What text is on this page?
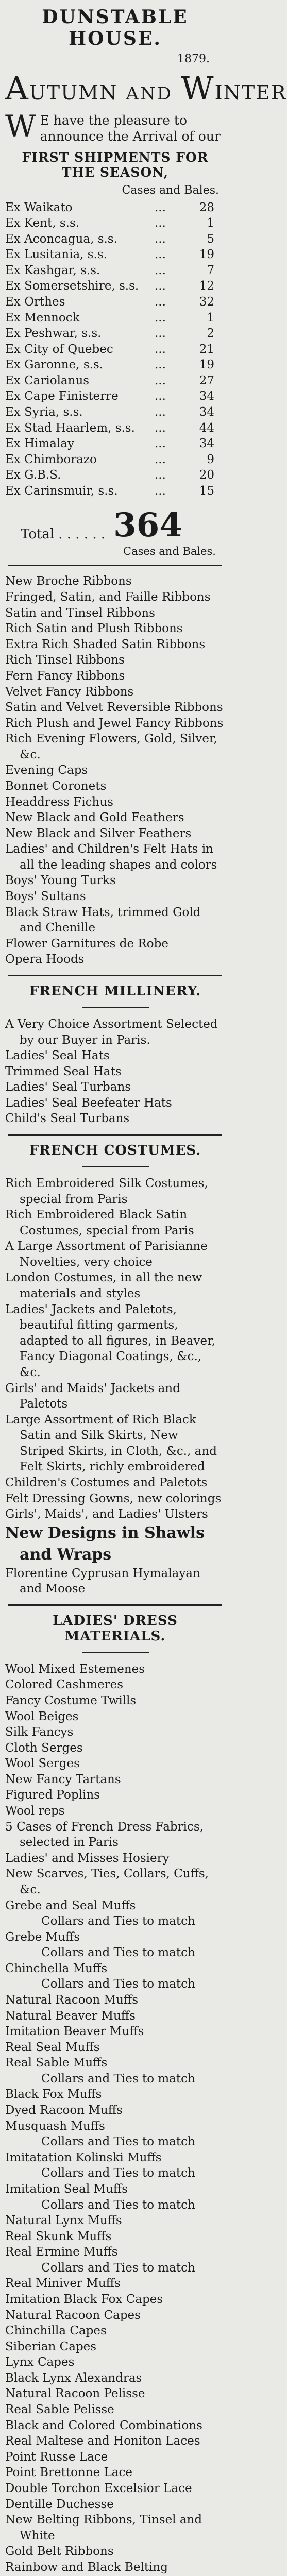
DUNSTABLE HOUSE.
1879.
AUTUMN AND WINTER
W E have the pleasure to announce the Arrival of our
FIRST SHIPMENTS FOR THE SEASON,
Cases and Bales.
Ex Waikato	...	28
Ex Kent, s.s.	...	1
Ex Aconcagua, s.s.	...	5
Ex Lusitania, s.s.	...	19
Ex Kashgar, s.s.	...	7
Ex Somersetshire, s.s.	...	12
Ex Orthes	...	32
Ex Mennock	...	1
Ex Peshwar, s.s.	...	2
Ex City of Quebec	...	21
Ex Garonne, s.s.	...	19
Ex Cariolanus	...	27
Ex Cape Finisterre	...	34
Ex Syria, s.s.	...	34
Ex Stad Haarlem, s.s.	...	44
Ex Himalay	...	34
Ex Chimborazo	...	9
Ex G.B.S.	...	20
Ex Carinsmuir, s.s.	...	15
Total . . . . . . 364
Cases and Bales.
New Broche Ribbons
Fringed, Satin, and Faille Ribbons
Satin and Tinsel Ribbons
Rich Satin and Plush Ribbons
Extra Rich Shaded Satin Ribbons
Rich Tinsel Ribbons
Fern Fancy Ribbons
Velvet Fancy Ribbons
Satin and Velvet Reversible Ribbons
Rich Plush and Jewel Fancy Ribbons
Rich Evening Flowers, Gold, Silver, &c.
Evening Caps
Bonnet Coronets
Headdress Fichus
New Black and Gold Feathers
New Black and Silver Feathers
Ladies' and Children's Felt Hats in all the leading shapes and colors
Boys' Young Turks
Boys' Sultans
Black Straw Hats, trimmed Gold and Chenille
Flower Garnitures de Robe
Opera Hoods
FRENCH MILLINERY.
A Very Choice Assortment Selected by our Buyer in Paris.
Ladies' Seal Hats
Trimmed Seal Hats
Ladies' Seal Turbans
Ladies' Seal Beefeater Hats
Child's Seal Turbans
FRENCH COSTUMES.
Rich Embroidered Silk Costumes, special from Paris
Rich Embroidered Black Satin Costumes, special from Paris
A Large Assortment of Parisianne Novelties, very choice
London Costumes, in all the new materials and styles
Ladies' Jackets and Paletots, beautiful fitting garments, adapted to all figures, in Beaver, Fancy Diagonal Coatings, &c., &c.
Girls' and Maids' Jackets and Paletots
Large Assortment of Rich Black Satin and Silk Skirts, New Striped Skirts, in Cloth, &c., and Felt Skirts, richly embroidered
Children's Costumes and Paletots
Felt Dressing Gowns, new colorings
Girls', Maids', and Ladies' Ulsters
New Designs in Shawls and Wraps
Florentine Cyprusan Hymalayan and Moose
LADIES' DRESS MATERIALS.
Wool Mixed Estemenes
Colored Cashmeres
Fancy Costume Twills
Wool Beiges
Silk Fancys
Cloth Serges
Wool Serges
New Fancy Tartans
Figured Poplins
Wool reps
5 Cases of French Dress Fabrics, selected in Paris
Ladies' and Misses Hosiery
New Scarves, Ties, Collars, Cuffs, &c.
Grebe and Seal Muffs
Collars and Ties to match
Grebe Muffs
Collars and Ties to match
Chinchella Muffs
Collars and Ties to match
Natural Racoon Muffs
Natural Beaver Muffs
Imitation Beaver Muffs
Real Seal Muffs
Real Sable Muffs
Collars and Ties to match
Black Fox Muffs
Dyed Racoon Muffs
Musquash Muffs
Collars and Ties to match
Imitatation Kolinski Muffs
Collars and Ties to match
Imitation Seal Muffs
Collars and Ties to match
Natural Lynx Muffs
Real Skunk Muffs
Real Ermine Muffs
Collars and Ties to match
Real Miniver Muffs
Imitation Black Fox Capes
Natural Racoon Capes
Chinchilla Capes
Siberian Capes
Lynx Capes
Black Lynx Alexandras
Natural Racoon Pelisse
Real Sable Pelisse
Black and Colored Combinations
Real Maltese and Honiton Laces
Point Russe Lace
Point Brettonne Lace
Double Torchon Excelsior Lace
Dentille Duchesse
New Belting Ribbons, Tinsel and White
Gold Belt Ribbons
Rainbow and Black Belting
